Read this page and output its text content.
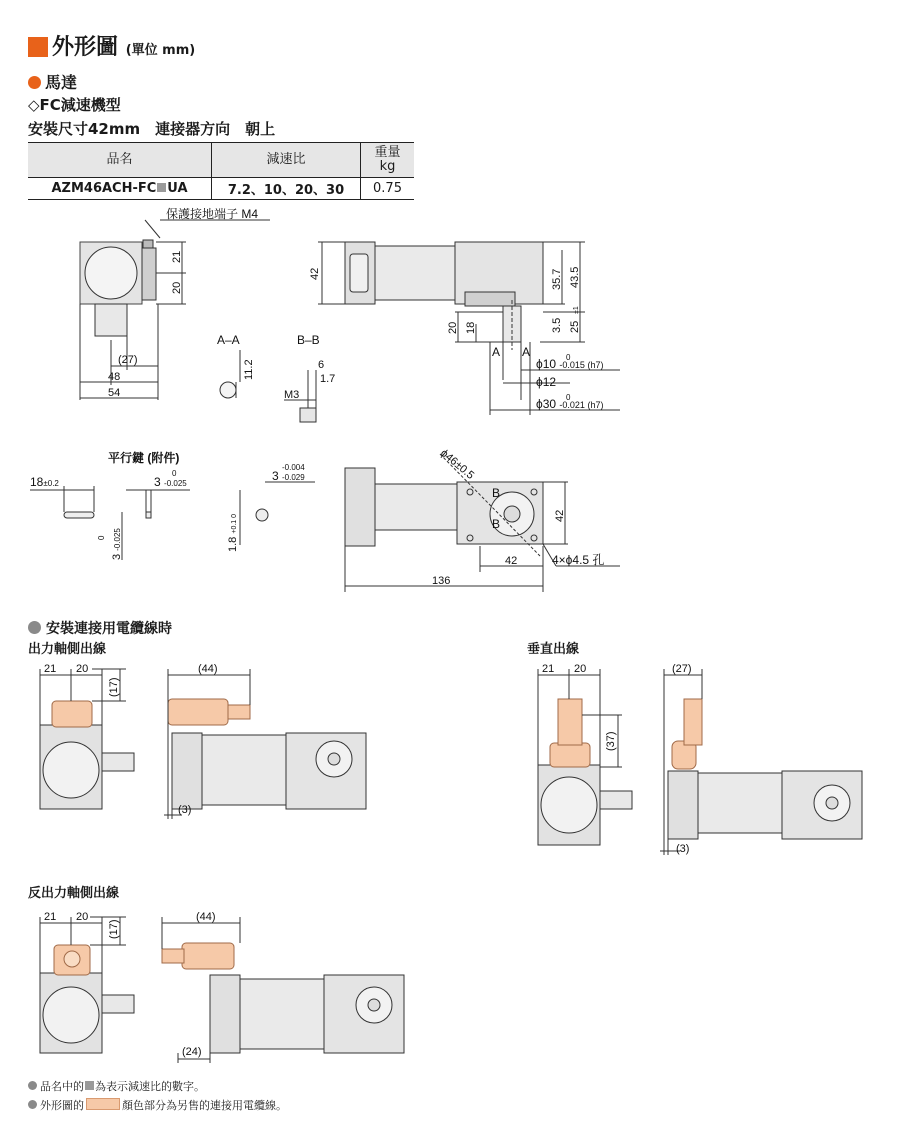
外形圖 (單位 mm)
馬達
◇FC減速機型
安裝尺寸42mm　連接器方向　朝上
品名	減速比	重量
kg
AZM46ACH-FC UA	7.2、10、20、30	0.75
保護接地端子 M4
21
20
(27)
48
54
A–A	B–B
11.2	6
1.7
M3
42	35.7 43.5
3.5 25
±1
20 18
A A
ϕ10 -0.015 (h7)
0
ϕ12
ϕ30 -0.021 (h7)
0
平行鍵 (附件)
18±0.2	3 -0.025
0
3 -0.025
0	1.8 +0.1 0
3
-0.004
-0.029	ϕ46±0.5
B
B
42
42
136
4×ϕ4.5 孔
安裝連接用電纜線時
出力軸側出線	垂直出線
反出力軸側出線
21 20
(17)
(44)
(3)
21 20
(37)
(27)
(3)
21 20
(17)
(44)
(24)
品名中的 為表示減速比的數字。
外形圖的	顏色部分為另售的連接用電纜線。
